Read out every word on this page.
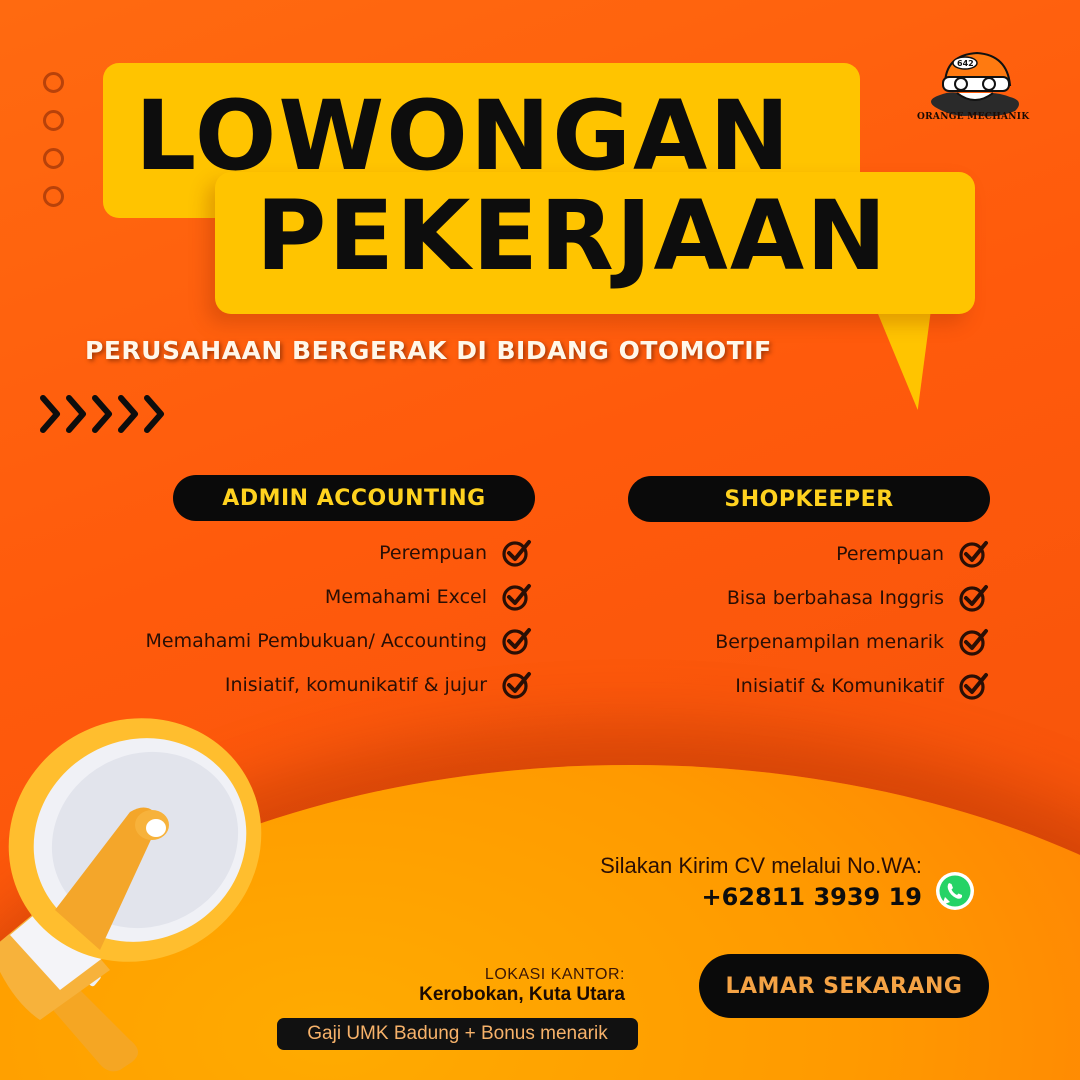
642
ORANGE MECHANIK
LOWONGAN
PEKERJAAN
PERUSAHAAN BERGERAK DI BIDANG OTOMOTIF
ADMIN ACCOUNTING
Perempuan
Memahami Excel
Memahami Pembukuan/ Accounting
Inisiatif, komunikatif & jujur
SHOPKEEPER
Perempuan
Bisa berbahasa Inggris
Berpenampilan menarik
Inisiatif & Komunikatif
Silakan Kirim CV melalui No.WA:
+62811 3939 19
LOKASI KANTOR:
Kerobokan, Kuta Utara
Gaji UMK Badung + Bonus menarik
LAMAR SEKARANG
